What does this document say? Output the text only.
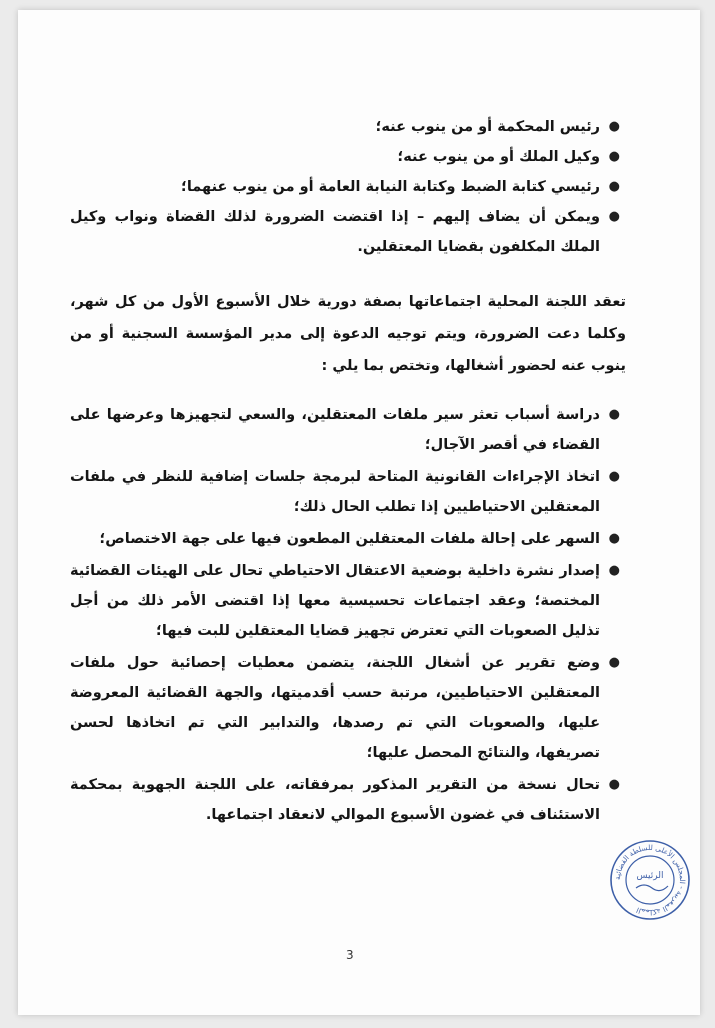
●
رئيس المحكمة أو من ينوب عنه؛
●
وكيل الملك أو من ينوب عنه؛
●
رئيسي كتابة الضبط وكتابة النيابة العامة أو من ينوب عنهما؛
●
ويمكن أن يضاف إليهم – إذا اقتضت الضرورة لذلك القضاة ونواب وكيل الملك المكلفون بقضايا المعتقلين.

تعقد اللجنة المحلية اجتماعاتها بصفة دورية خلال الأسبوع الأول من كل شهر، وكلما دعت الضرورة، ويتم توجيه الدعوة إلى مدير المؤسسة السجنية أو من ينوب عنه لحضور أشغالها، وتختص بما يلي :

●
دراسة أسباب تعثر سير ملفات المعتقلين، والسعي لتجهيزها وعرضها على القضاء في أقصر الآجال؛
●
اتخاذ الإجراءات القانونية المتاحة لبرمجة جلسات إضافية للنظر في ملفات المعتقلين الاحتياطيين إذا تطلب الحال ذلك؛
●
السهر على إحالة ملفات المعتقلين المطعون فيها على جهة الاختصاص؛
●
إصدار نشرة داخلية بوضعية الاعتقال الاحتياطي تحال على الهيئات القضائية المختصة؛ وعقد اجتماعات تحسيسية معها إذا اقتضى الأمر ذلك من أجل تذليل الصعوبات التي تعترض تجهيز قضايا المعتقلين للبت فيها؛
●
وضع تقرير عن أشغال اللجنة، يتضمن معطيات إحصائية حول ملفات المعتقلين الاحتياطيين، مرتبة حسب أقدميتها، والجهة القضائية المعروضة عليها، والصعوبات التي تم رصدها، والتدابير التي تم اتخاذها لحسن تصريفها، والنتائج المحصل عليها؛
●
تحال نسخة من التقرير المذكور بمرفقاته، على اللجنة الجهوية بمحكمة الاستئناف في غضون الأسبوع الموالي لانعقاد اجتماعها.
3
المملكة المغربية - المجلس الأعلى للسلطة القضائية
الرئيس
